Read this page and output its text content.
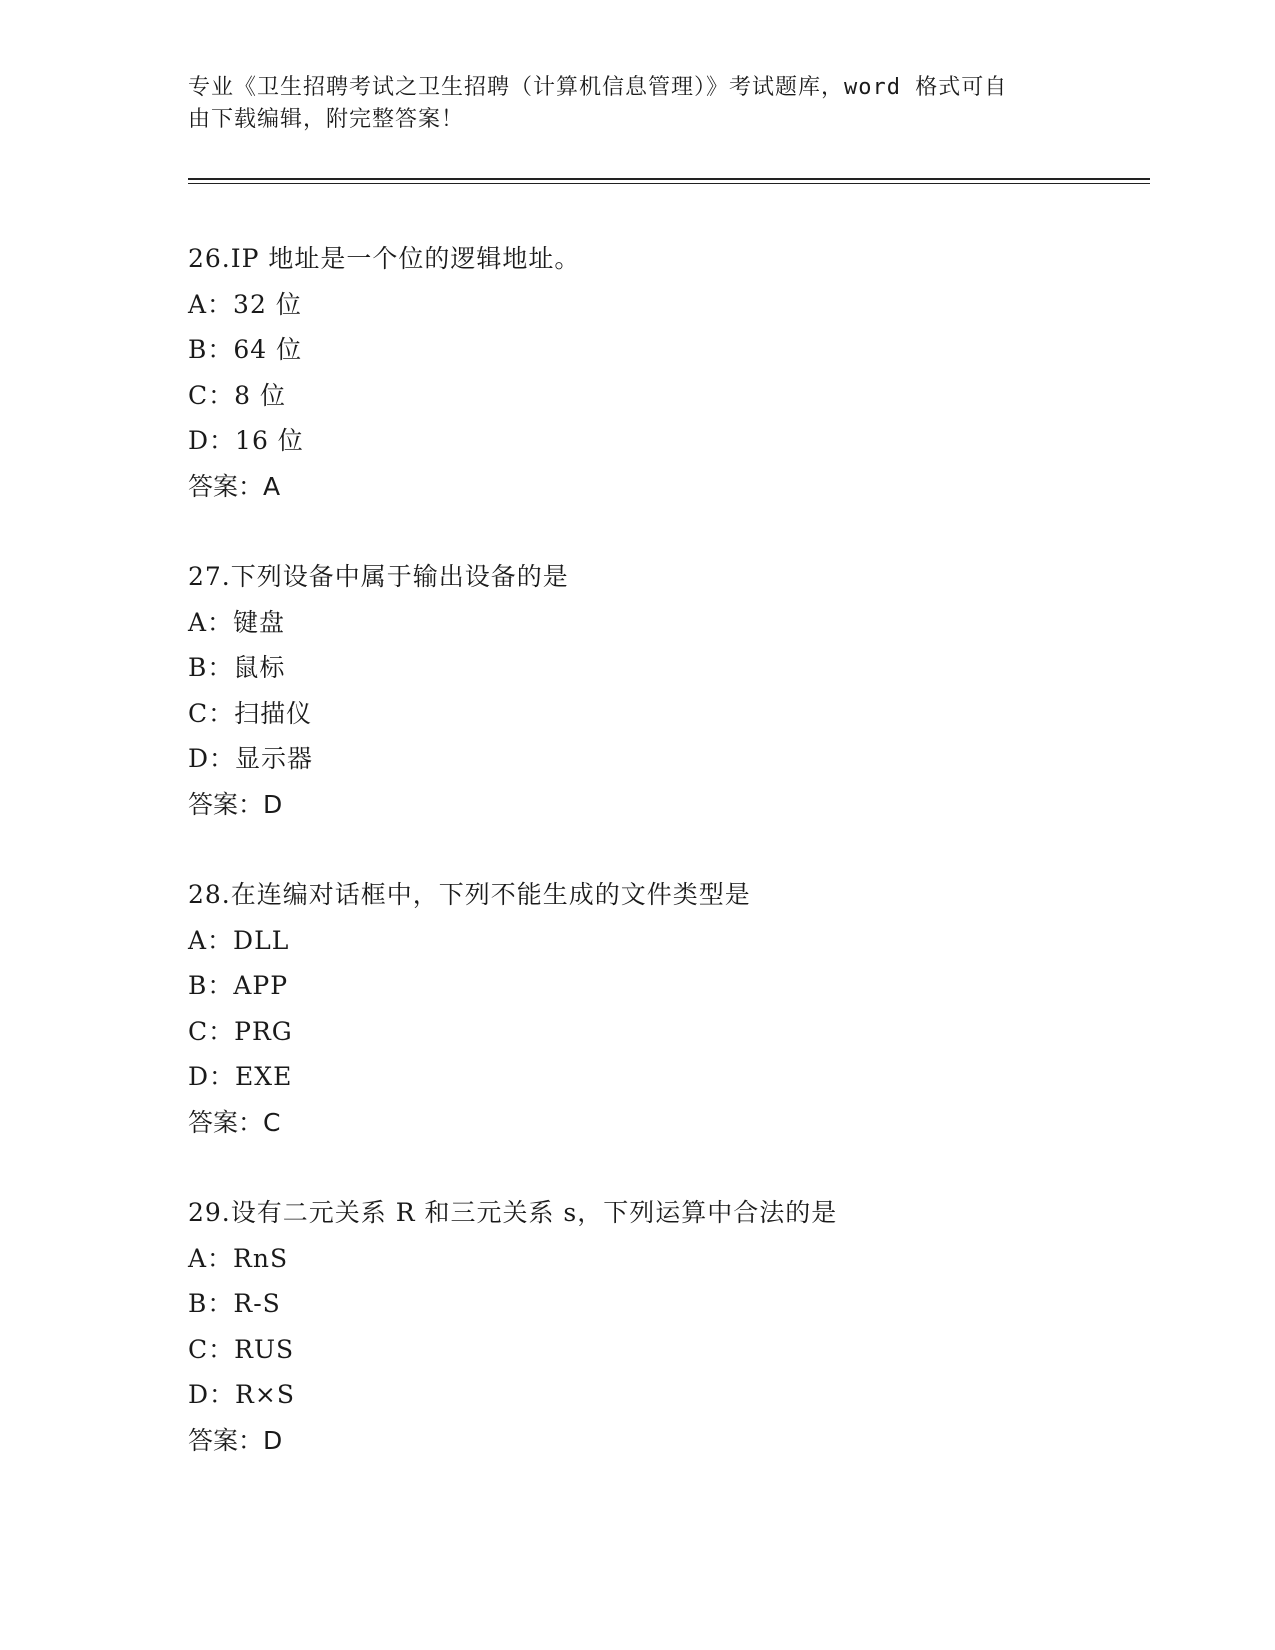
专业《卫生招聘考试之卫生招聘（计算机信息管理）》考试题库，word 格式可自
由下载编辑，附完整答案！
26.IP 地址是一个位的逻辑地址。
A：32 位
B：64 位
C：8 位
D：16 位
答案：A
27.下列设备中属于输出设备的是
A：键盘
B：鼠标
C：扫描仪
D：显示器
答案：D
28.在连编对话框中，下列不能生成的文件类型是
A：DLL
B：APP
C：PRG
D：EXE
答案：C
29.设有二元关系 R 和三元关系 s，下列运算中合法的是
A：RnS
B：R-S
C：RUS
D：R×S
答案：D
